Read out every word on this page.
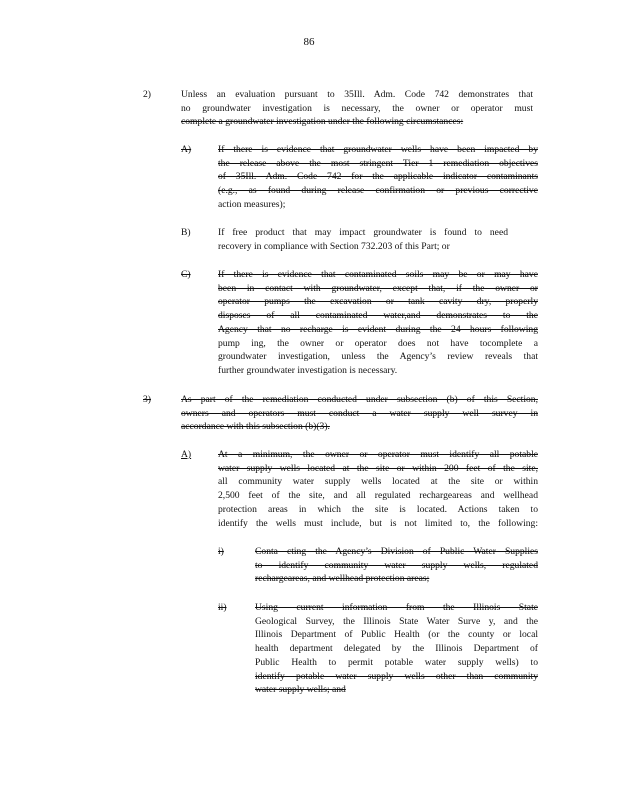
86
2)	Unless an evaluation pursuant to 35Ill. Adm. Code 742 demonstrates that
no groundwater investigation is necessary, the owner or operator must
complete a groundwater investigation under the following circumstances:
A)	If there is evidence that groundwater wells have been impacted by
the release above the most stringent Tier 1 remediation objectives
of 35Ill. Adm. Code 742 for the applicable indicator contaminants
(e.g., as found during release confirmation or previous corrective
action measures);
B)	If free product that may impact groundwater is found to need
recovery in compliance with Section 732.203 of this Part; or
C)	If there is evidence that contaminated soils may be or may have
been in contact with groundwater, except that, if the owner or
operator pumps the excavation or tank cavity dry, properly
disposes of all contaminated water,and demonstrates to the
Agency that no recharge is evident during the 24 hours following
pump ing, the owner or operator does not have tocomplete a
groundwater investigation, unless the Agency’s review reveals that
further groundwater investigation is necessary.
3)	As part of the remediation conducted under subsection (b) of this Section,
owners and operators must conduct a water supply well survey in
accordance with this subsection (b)(3).
A)	At a minimum, the owner or operator must identify all potable
water supply wells located at the site or within 200 feet of the site,
all community water supply wells located at the site or within
2,500 feet of the site, and all regulated rechargeareas and wellhead
protection areas in which the site is located. Actions taken to
identify the wells must include, but is not limited to, the following:
i)	Conta cting the Agency’s Division of Public Water Supplies
to identify community water supply wells, regulated
rechargeareas, and wellhead protection areas;
ii)	Using current information from the Illinois State
Geological Survey, the Illinois State Water Surve y, and the
Illinois Department of Public Health (or the county or local
health department delegated by the Illinois Department of
Public Health to permit potable water supply wells) to
identify potable water supply wells other than community
water supply wells; and
